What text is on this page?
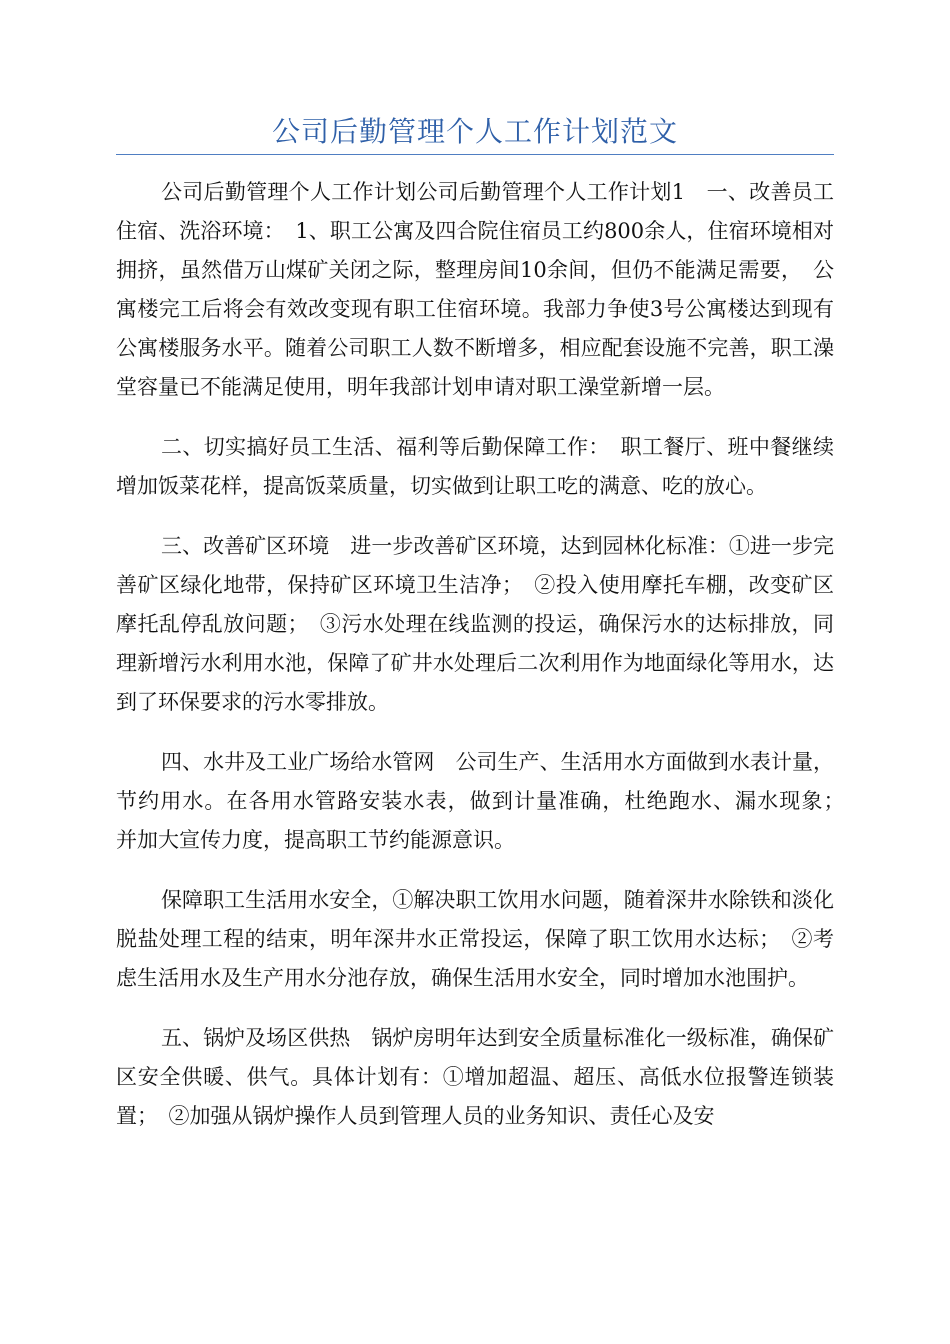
公司后勤管理个人工作计划范文

公司后勤管理个人工作计划公司后勤管理个人工作计划1　一、改善员工住宿、洗浴环境：　1、职工公寓及四合院住宿员工约800余人，住宿环境相对拥挤，虽然借万山煤矿关闭之际，整理房间10余间，但仍不能满足需要，　公寓楼完工后将会有效改变现有职工住宿环境。我部力争使3号公寓楼达到现有公寓楼服务水平。随着公司职工人数不断增多，相应配套设施不完善，职工澡堂容量已不能满足使用，明年我部计划申请对职工澡堂新增一层。

二、切实搞好员工生活、福利等后勤保障工作：　职工餐厅、班中餐继续增加饭菜花样，提高饭菜质量，切实做到让职工吃的满意、吃的放心。

三、改善矿区环境　进一步改善矿区环境，达到园林化标准：①进一步完善矿区绿化地带，保持矿区环境卫生洁净；　②投入使用摩托车棚，改变矿区摩托乱停乱放问题；　③污水处理在线监测的投运，确保污水的达标排放，同理新增污水利用水池，保障了矿井水处理后二次利用作为地面绿化等用水，达到了环保要求的污水零排放。

四、水井及工业广场给水管网　公司生产、生活用水方面做到水表计量，节约用水。在各用水管路安装水表，做到计量准确，杜绝跑水、漏水现象；　并加大宣传力度，提高职工节约能源意识。

保障职工生活用水安全，①解决职工饮用水问题，随着深井水除铁和淡化脱盐处理工程的结束，明年深井水正常投运，保障了职工饮用水达标；　②考虑生活用水及生产用水分池存放，确保生活用水安全，同时增加水池围护。

五、锅炉及场区供热　锅炉房明年达到安全质量标准化一级标准，确保矿区安全供暖、供气。具体计划有：①增加超温、超压、高低水位报警连锁装置；　②加强从锅炉操作人员到管理人员的业务知识、责任心及安
